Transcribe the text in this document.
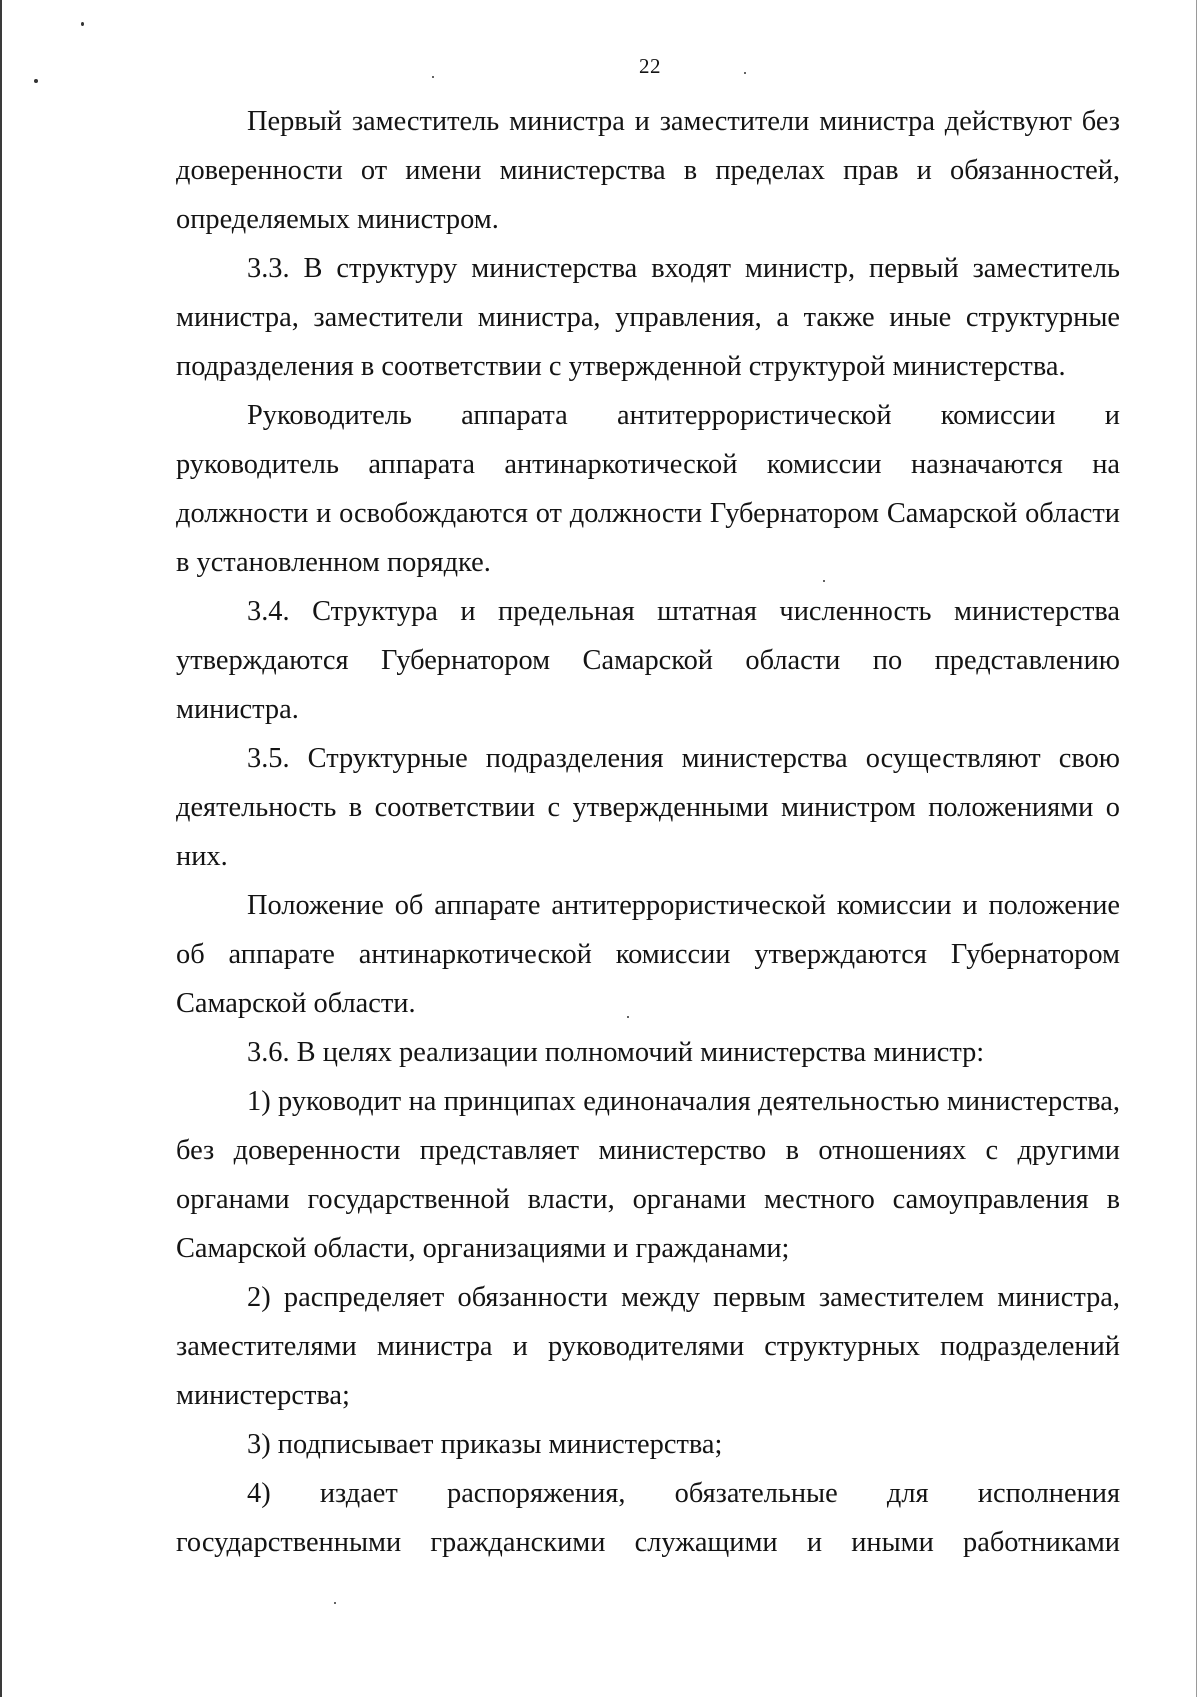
22

Первый заместитель министра и заместители министра действуют без доверенности от имени министерства в пределах прав и обязанностей, определяемых министром.

3.3. В структуру министерства входят министр, первый заместитель министра, заместители министра, управления, а также иные структурные подразделения в соответствии с утвержденной структурой министерства.

Руководитель аппарата антитеррористической комиссии и руководитель аппарата антинаркотической комиссии назначаются на должности и освобождаются от должности Губернатором Самарской области в установленном порядке.

3.4. Структура и предельная штатная численность министерства утверждаются Губернатором Самарской области по представлению министра.

3.5. Структурные подразделения министерства осуществляют свою деятельность в соответствии с утвержденными министром положениями о них.

Положение об аппарате антитеррористической комиссии и положение об аппарате антинаркотической комиссии утверждаются Губернатором Самарской области.

3.6. В целях реализации полномочий министерства министр:

1) руководит на принципах единоначалия деятельностью министерства, без доверенности представляет министерство в отношениях с другими органами государственной власти, органами местного самоуправления в Самарской области, организациями и гражданами;

2) распределяет обязанности между первым заместителем министра, заместителями министра и руководителями структурных подразделений министерства;

3) подписывает приказы министерства;

4) издает распоряжения, обязательные для исполнения государственными гражданскими служащими и иными работниками
